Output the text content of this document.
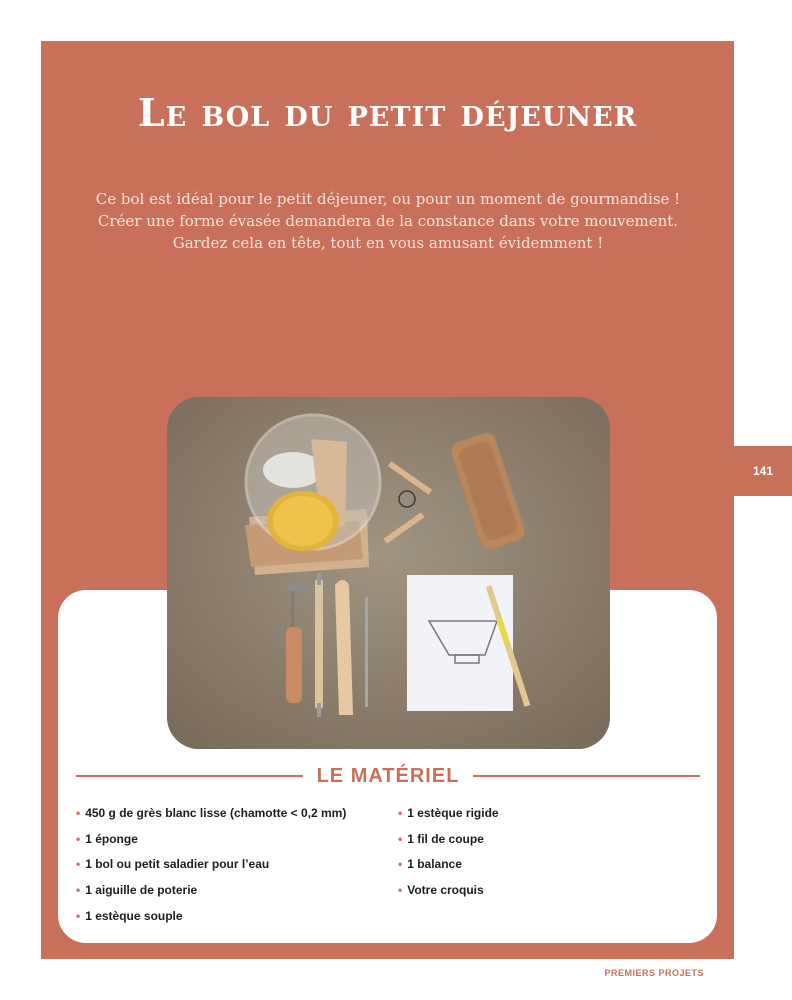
141
Le bol du petit déjeuner

Ce bol est idéal pour le petit déjeuner, ou pour un moment de gourmandise !
Créer une forme évasée demandera de la constance dans votre mouvement.
Gardez cela en tête, tout en vous amusant évidemment !

LE MATÉRIEL
• 450 g de grès blanc lisse (chamotte < 0,2 mm)
• 1 éponge
• 1 bol ou petit saladier pour l’eau
• 1 aiguille de poterie
• 1 estèque souple
• 1 estèque rigide
• 1 fil de coupe
• 1 balance
• Votre croquis
PREMIERS PROJETS
